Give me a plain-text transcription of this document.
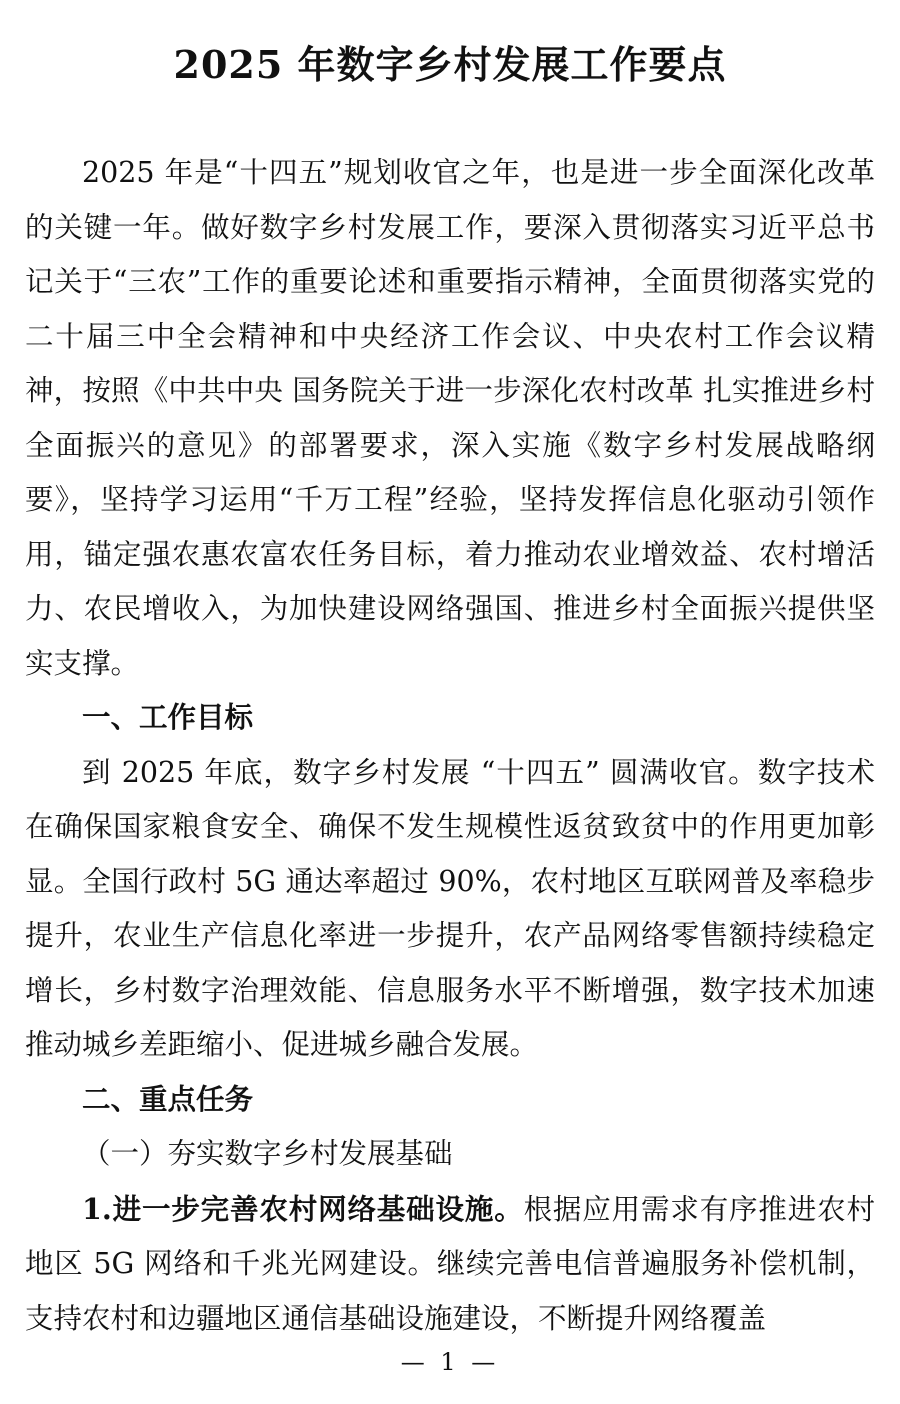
2025 年数字乡村发展工作要点

2025 年是“十四五”规划收官之年，也是进一步全面深化改革的关键一年。做好数字乡村发展工作，要深入贯彻落实习近平总书记关于“三农”工作的重要论述和重要指示精神，全面贯彻落实党的二十届三中全会精神和中央经济工作会议、中央农村工作会议精神，按照《中共中央 国务院关于进一步深化农村改革 扎实推进乡村全面振兴的意见》的部署要求，深入实施《数字乡村发展战略纲要》，坚持学习运用“千万工程”经验，坚持发挥信息化驱动引领作用，锚定强农惠农富农任务目标，着力推动农业增效益、农村增活力、农民增收入，为加快建设网络强国、推进乡村全面振兴提供坚实支撑。

一、工作目标

到 2025 年底，数字乡村发展 “十四五” 圆满收官。数字技术在确保国家粮食安全、确保不发生规模性返贫致贫中的作用更加彰显。全国行政村 5G 通达率超过 90%，农村地区互联网普及率稳步提升，农业生产信息化率进一步提升，农产品网络零售额持续稳定增长，乡村数字治理效能、信息服务水平不断增强，数字技术加速推动城乡差距缩小、促进城乡融合发展。

二、重点任务

（一）夯实数字乡村发展基础

1.进一步完善农村网络基础设施。根据应用需求有序推进农村地区 5G 网络和千兆光网建设。继续完善电信普遍服务补偿机制，支持农村和边疆地区通信基础设施建设，不断提升网络覆盖

— 1 —
